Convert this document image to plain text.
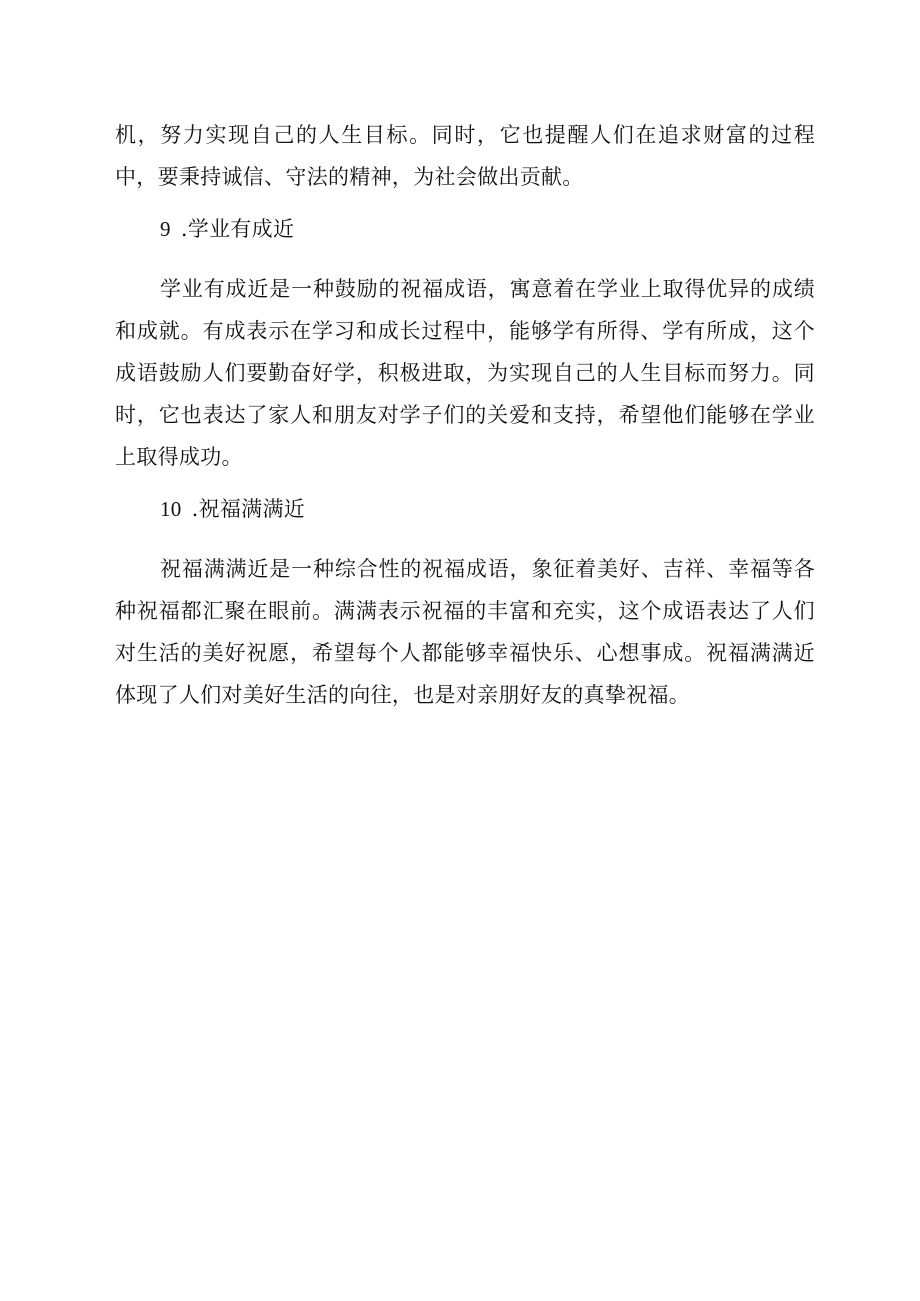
机，努力实现自己的人生目标。同时，它也提醒人们在追求财富的过程中，要秉持诚信、守法的精神，为社会做出贡献。

9 .学业有成近

学业有成近是一种鼓励的祝福成语，寓意着在学业上取得优异的成绩和成就。有成表示在学习和成长过程中，能够学有所得、学有所成，这个成语鼓励人们要勤奋好学，积极进取，为实现自己的人生目标而努力。同时，它也表达了家人和朋友对学子们的关爱和支持，希望他们能够在学业上取得成功。

10 .祝福满满近

祝福满满近是一种综合性的祝福成语，象征着美好、吉祥、幸福等各种祝福都汇聚在眼前。满满表示祝福的丰富和充实，这个成语表达了人们对生活的美好祝愿，希望每个人都能够幸福快乐、心想事成。祝福满满近体现了人们对美好生活的向往，也是对亲朋好友的真挚祝福。
